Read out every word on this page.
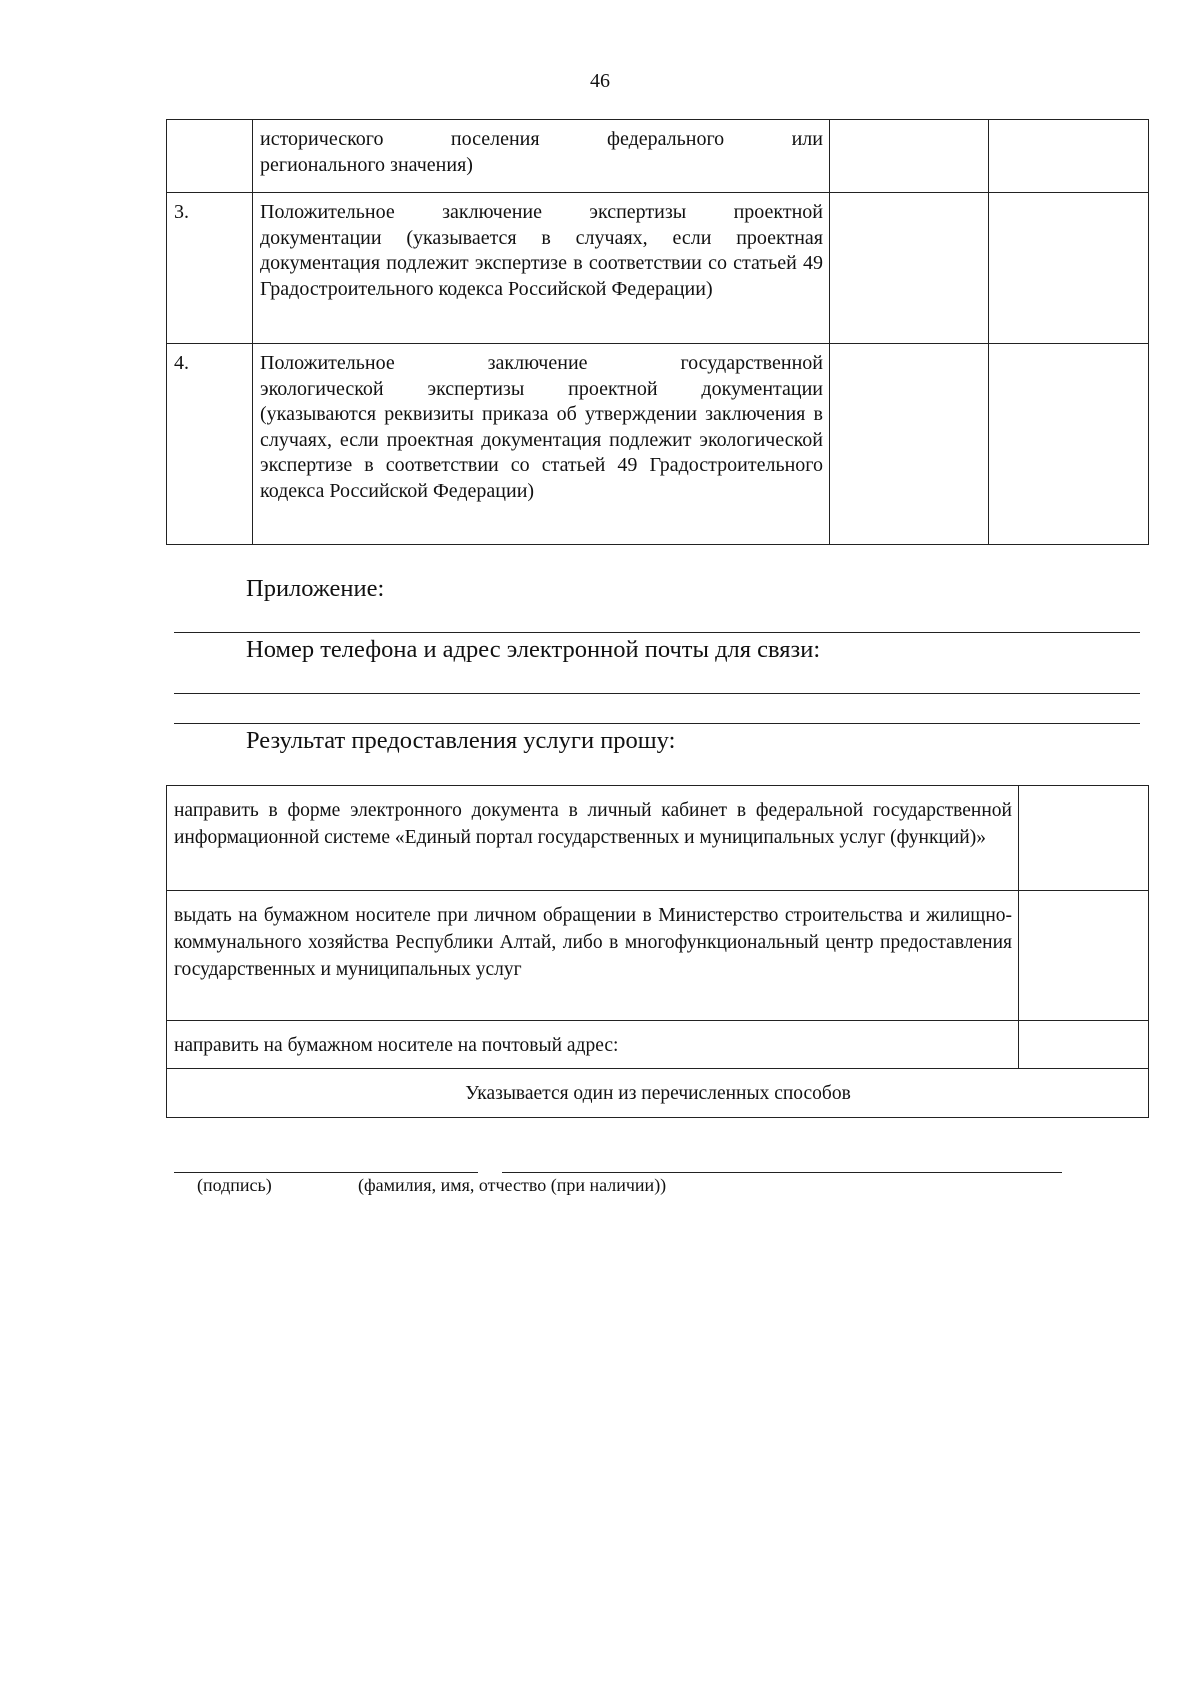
46

	исторического поселения федерального или
регионального значения)		
3.	Положительное заключение экспертизы проектной
документации (указывается в случаях, если проектная документация подлежит экспертизе в соответствии со статьей 49 Градостроительного кодекса Российской Федерации)		
4.	Положительное заключение государственной
экологической экспертизы проектной документации (указываются реквизиты приказа об утверждении заключения в случаях, если проектная документация подлежит экологической экспертизе в соответствии со статьей 49 Градостроительного кодекса Российской Федерации)		
Приложение:
Номер телефона и адрес электронной почты для связи:
Результат предоставления услуги прошу:
направить в форме электронного документа в личный кабинет в федеральной государственной информационной системе «Единый портал государственных и муниципальных услуг (функций)»	
выдать на бумажном носителе при личном обращении в Министерство строительства и жилищно-коммунального хозяйства Республики Алтай, либо в многофункциональный центр предоставления государственных и муниципальных услуг	
направить на бумажном носителе на почтовый адрес:	
Указывается один из перечисленных способов	
(подпись)	(фамилия, имя, отчество (при наличии))
